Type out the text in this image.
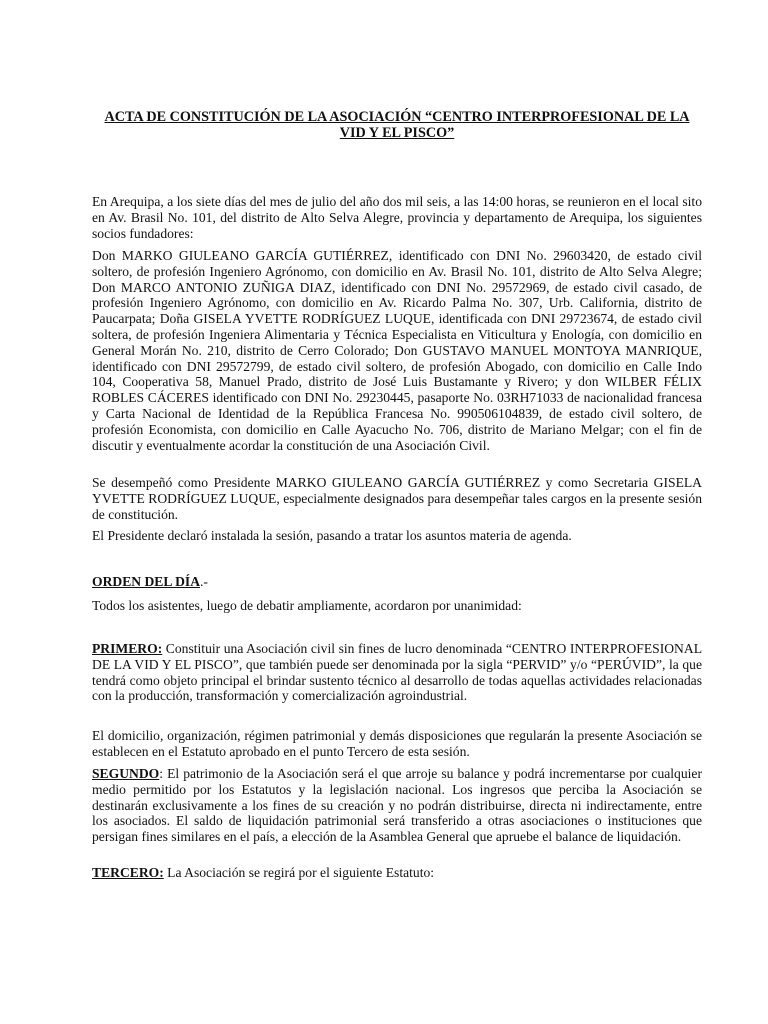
ACTA DE CONSTITUCIÓN DE LA ASOCIACIÓN “CENTRO INTERPROFESIONAL DE LA VID Y EL PISCO”
En Arequipa, a los siete días del mes de julio del año dos mil seis, a las 14:00 horas, se reunieron en el local sito en Av. Brasil No. 101, del distrito de Alto Selva Alegre, provincia y departamento de Arequipa, los siguientes socios fundadores:
Don MARKO GIULEANO GARCÍA GUTIÉRREZ, identificado con DNI No. 29603420, de estado civil soltero, de profesión Ingeniero Agrónomo, con domicilio en Av. Brasil No. 101, distrito de Alto Selva Alegre; Don MARCO ANTONIO ZUÑIGA DIAZ, identificado con DNI No. 29572969, de estado civil casado, de profesión Ingeniero Agrónomo, con domicilio en Av. Ricardo Palma No. 307, Urb. California, distrito de Paucarpata; Doña GISELA YVETTE RODRÍGUEZ LUQUE, identificada con DNI 29723674, de estado civil soltera, de profesión Ingeniera Alimentaria y Técnica Especialista en Viticultura y Enología, con domicilio en General Morán No. 210, distrito de Cerro Colorado; Don GUSTAVO MANUEL MONTOYA MANRIQUE, identificado con DNI 29572799, de estado civil soltero, de profesión Abogado, con domicilio en Calle Indo 104, Cooperativa 58, Manuel Prado, distrito de José Luis Bustamante y Rivero; y don WILBER FÉLIX ROBLES CÁCERES identificado con DNI No. 29230445, pasaporte No. 03RH71033 de nacionalidad francesa y Carta Nacional de Identidad de la República Francesa No. 990506104839, de estado civil soltero, de profesión Economista, con domicilio en Calle Ayacucho No. 706, distrito de Mariano Melgar; con el fin de discutir y eventualmente acordar la constitución de una Asociación Civil.
Se desempeñó como Presidente MARKO GIULEANO GARCÍA GUTIÉRREZ y como Secretaria GISELA YVETTE RODRÍGUEZ LUQUE, especialmente designados para desempeñar tales cargos en la presente sesión de constitución.
El Presidente declaró instalada la sesión, pasando a tratar los asuntos materia de agenda.
ORDEN DEL DÍA.-
Todos los asistentes, luego de debatir ampliamente, acordaron por unanimidad:
PRIMERO: Constituir una Asociación civil sin fines de lucro denominada “CENTRO INTERPROFESIONAL DE LA VID Y EL PISCO”, que también puede ser denominada por la sigla “PERVID” y/o “PERÚVID”, la que tendrá como objeto principal el brindar sustento técnico al desarrollo de todas aquellas actividades relacionadas con la producción, transformación y comercialización agroindustrial.
El domicilio, organización, régimen patrimonial y demás disposiciones que regularán la presente Asociación se establecen en el Estatuto aprobado en el punto Tercero de esta sesión.
SEGUNDO: El patrimonio de la Asociación será el que arroje su balance y podrá incrementarse por cualquier medio permitido por los Estatutos y la legislación nacional. Los ingresos que perciba la Asociación se destinarán exclusivamente a los fines de su creación y no podrán distribuirse, directa ni indirectamente, entre los asociados. El saldo de liquidación patrimonial será transferido a otras asociaciones o instituciones que persigan fines similares en el país, a elección de la Asamblea General que apruebe el balance de liquidación.
TERCERO: La Asociación se regirá por el siguiente Estatuto:
